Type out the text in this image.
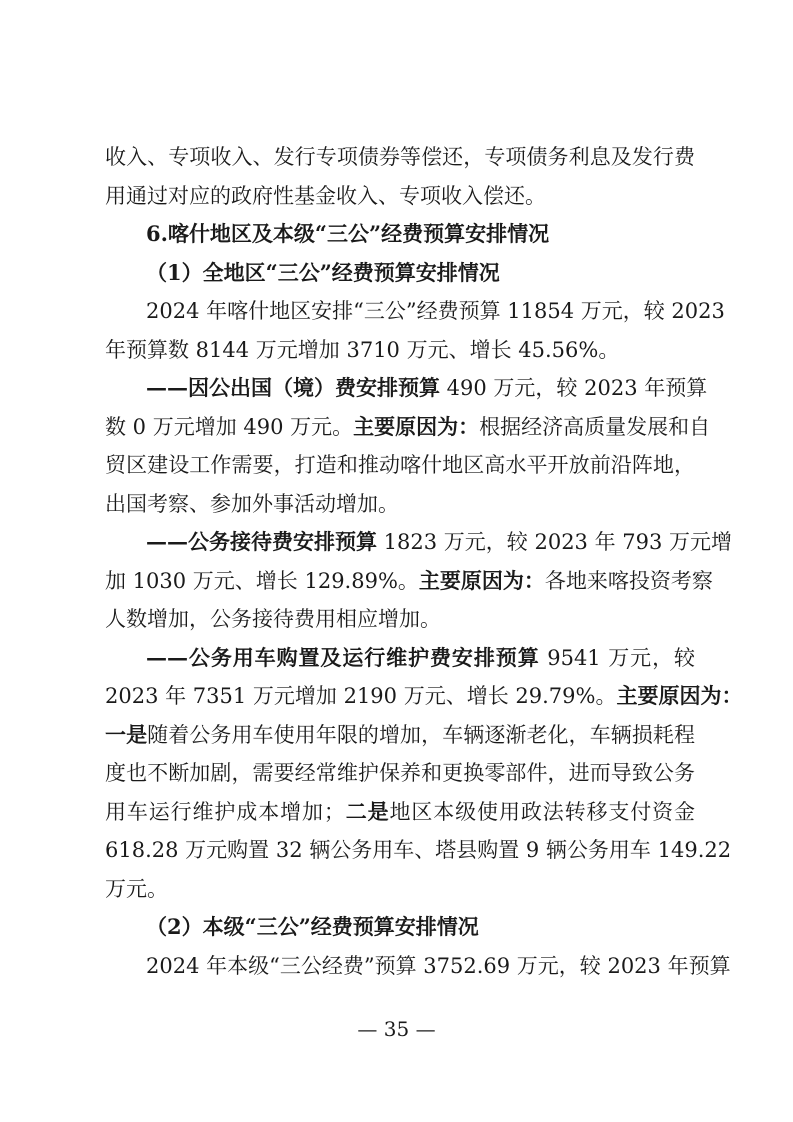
收入、专项收入、发行专项债券等偿还，专项债务利息及发行费
用通过对应的政府性基金收入、专项收入偿还。
6.喀什地区及本级“三公”经费预算安排情况
（1）全地区“三公”经费预算安排情况
2024 年喀什地区安排“三公”经费预算 11854 万元，较 2023
年预算数 8144 万元增加 3710 万元、增长 45.56%。
——因公出国（境）费安排预算 490 万元，较 2023 年预算
数 0 万元增加 490 万元。主要原因为：根据经济高质量发展和自
贸区建设工作需要，打造和推动喀什地区高水平开放前沿阵地，
出国考察、参加外事活动增加。
——公务接待费安排预算 1823 万元，较 2023 年 793 万元增
加 1030 万元、增长 129.89%。主要原因为：各地来喀投资考察
人数增加，公务接待费用相应增加。
——公务用车购置及运行维护费安排预算 9541 万元，较
2023 年 7351 万元增加 2190 万元、增长 29.79%。主要原因为：
一是随着公务用车使用年限的增加，车辆逐渐老化，车辆损耗程
度也不断加剧，需要经常维护保养和更换零部件，进而导致公务
用车运行维护成本增加；二是地区本级使用政法转移支付资金
618.28 万元购置 32 辆公务用车、塔县购置 9 辆公务用车 149.22
万元。
（2）本级“三公”经费预算安排情况
2024 年本级“三公经费”预算 3752.69 万元，较 2023 年预算
— 35 —
